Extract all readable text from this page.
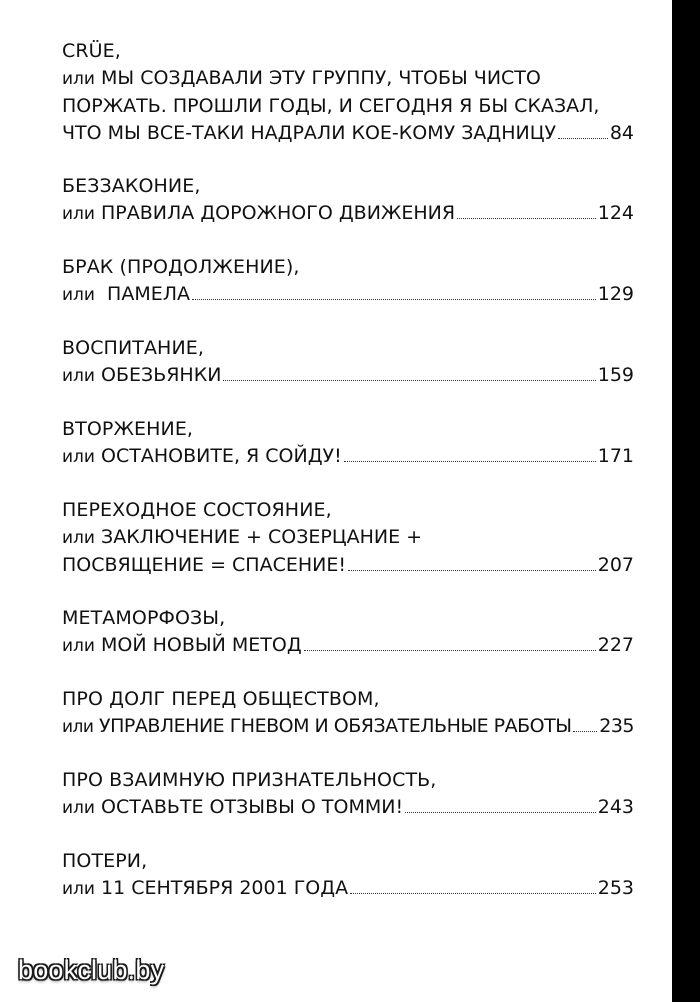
CRÜE,
или МЫ СОЗДАВАЛИ ЭТУ ГРУППУ, ЧТОБЫ ЧИСТО
ПОРЖАТЬ. ПРОШЛИ ГОДЫ, И СЕГОДНЯ Я БЫ СКАЗАЛ,
ЧТО МЫ ВСЕ-ТАКИ НАДРАЛИ КОЕ-КОМУ ЗАДНИЦУ	84
БЕЗЗАКОНИЕ,
или
ПРАВИЛА ДОРОЖНОГО ДВИЖЕНИЯ	124
БРАК (ПРОДОЛЖЕНИЕ),
или
ПАМЕЛА	129
ВОСПИТАНИЕ,
или
ОБЕЗЬЯНКИ	159
ВТОРЖЕНИЕ,
или
ОСТАНОВИТЕ, Я СОЙДУ!	171
ПЕРЕХОДНОЕ СОСТОЯНИЕ,
или ЗАКЛЮЧЕНИЕ + СОЗЕРЦАНИЕ +
ПОСВЯЩЕНИЕ = СПАСЕНИЕ!	207
МЕТАМОРФОЗЫ,
или
МОЙ НОВЫЙ МЕТОД	227
ПРО ДОЛГ ПЕРЕД ОБЩЕСТВОМ,
или
УПРАВЛЕНИЕ ГНЕВОМ И ОБЯЗАТЕЛЬНЫЕ РАБОТЫ 235
ПРО ВЗАИМНУЮ ПРИЗНАТЕЛЬНОСТЬ,
или
ОСТАВЬТЕ ОТЗЫВЫ О ТОММИ!	243
ПОТЕРИ,
или
11 СЕНТЯБРЯ 2001 ГОДА	253
bookclub.by
